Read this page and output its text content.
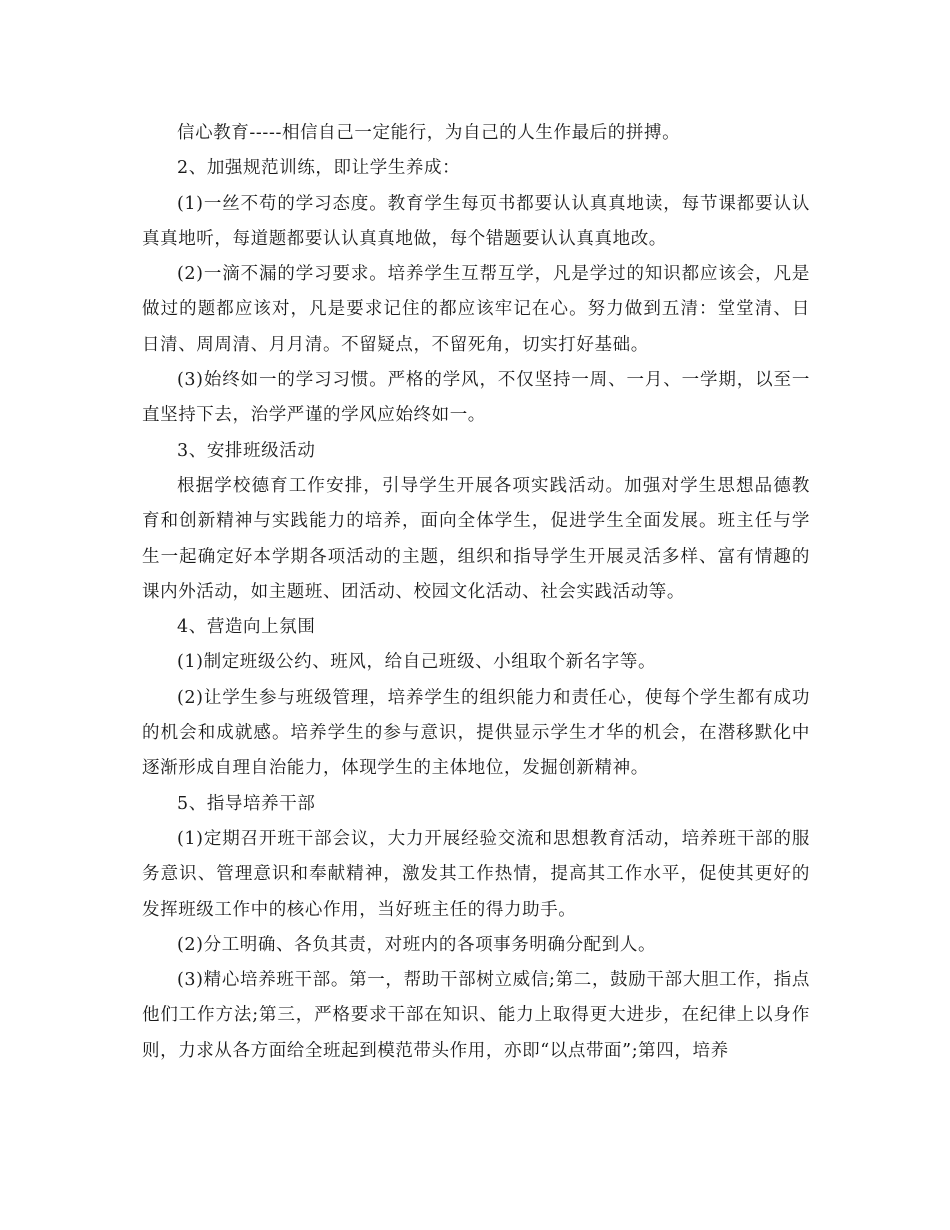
信心教育-----相信自己一定能行，为自己的人生作最后的拼搏。

2、加强规范训练，即让学生养成：

(1)一丝不苟的学习态度。教育学生每页书都要认认真真地读，每节课都要认认真真地听，每道题都要认认真真地做，每个错题要认认真真地改。

(2)一滴不漏的学习要求。培养学生互帮互学，凡是学过的知识都应该会，凡是做过的题都应该对，凡是要求记住的都应该牢记在心。努力做到五清：堂堂清、日日清、周周清、月月清。不留疑点，不留死角，切实打好基础。

(3)始终如一的学习习惯。严格的学风，不仅坚持一周、一月、一学期，以至一直坚持下去，治学严谨的学风应始终如一。

3、安排班级活动

根据学校德育工作安排，引导学生开展各项实践活动。加强对学生思想品德教育和创新精神与实践能力的培养，面向全体学生，促进学生全面发展。班主任与学生一起确定好本学期各项活动的主题，组织和指导学生开展灵活多样、富有情趣的课内外活动，如主题班、团活动、校园文化活动、社会实践活动等。

4、营造向上氛围

(1)制定班级公约、班风，给自己班级、小组取个新名字等。

(2)让学生参与班级管理，培养学生的组织能力和责任心，使每个学生都有成功的机会和成就感。培养学生的参与意识，提供显示学生才华的机会，在潜移默化中逐渐形成自理自治能力，体现学生的主体地位，发掘创新精神。

5、指导培养干部

(1)定期召开班干部会议，大力开展经验交流和思想教育活动，培养班干部的服务意识、管理意识和奉献精神，激发其工作热情，提高其工作水平，促使其更好的发挥班级工作中的核心作用，当好班主任的得力助手。

(2)分工明确、各负其责，对班内的各项事务明确分配到人。

(3)精心培养班干部。第一，帮助干部树立威信;第二，鼓励干部大胆工作，指点他们工作方法;第三，严格要求干部在知识、能力上取得更大进步，在纪律上以身作则，力求从各方面给全班起到模范带头作用，亦即“以点带面”;第四，培养
